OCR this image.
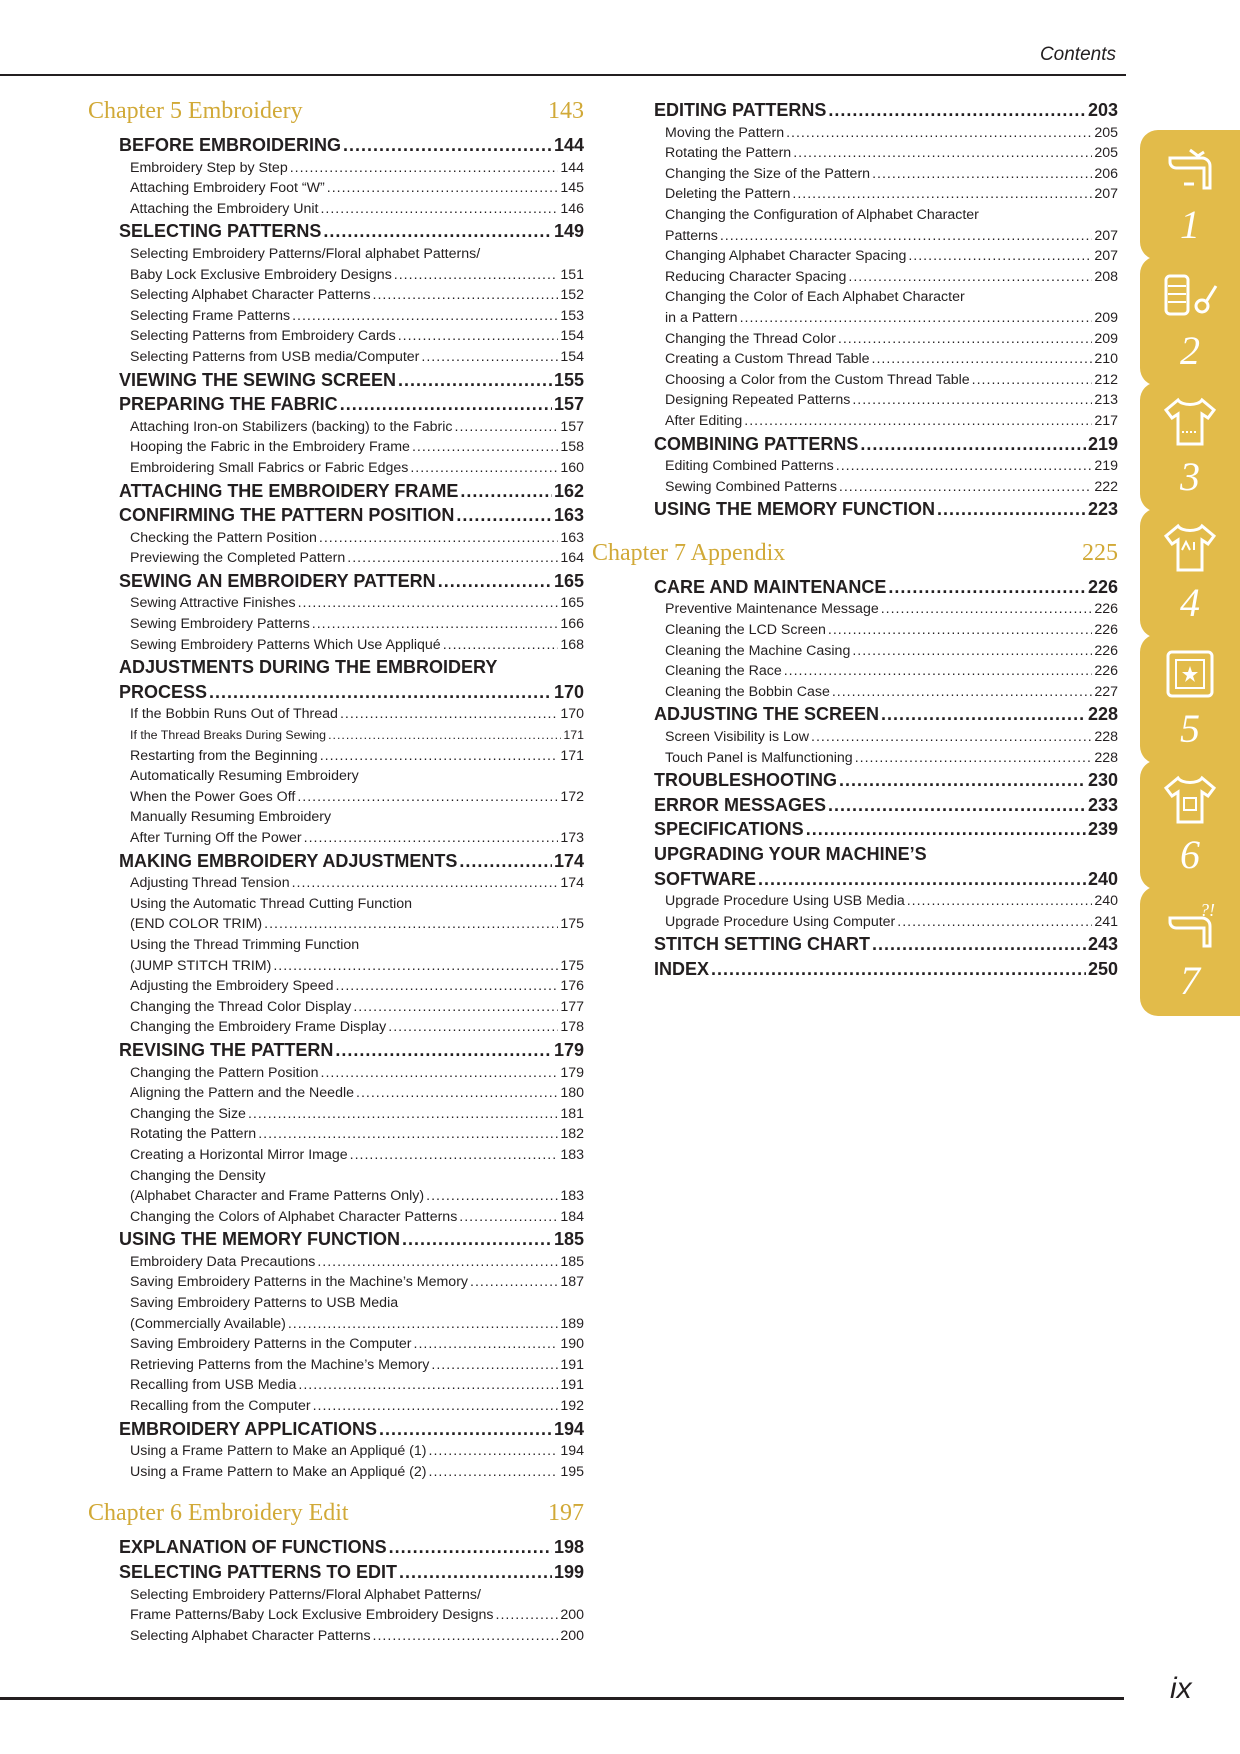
Contents
Chapter 5 Embroidery	143
BEFORE EMBROIDERING .....	144
Embroidery Step by Step .....	144
Attaching Embroidery Foot “W” .....	145
Attaching the Embroidery Unit .....	146
SELECTING PATTERNS .....	149
Selecting Embroidery Patterns/Floral alphabet Patterns/
Baby Lock Exclusive Embroidery Designs .....	151
Selecting Alphabet Character Patterns .....	152
Selecting Frame Patterns .....	153
Selecting Patterns from Embroidery Cards .....	154
Selecting Patterns from USB media/Computer .....	154
VIEWING THE SEWING SCREEN .....	155
PREPARING THE FABRIC .....	157
Attaching Iron-on Stabilizers (backing) to the Fabric .....	157
Hooping the Fabric in the Embroidery Frame .....	158
Embroidering Small Fabrics or Fabric Edges .....	160
ATTACHING THE EMBROIDERY FRAME .....	162
CONFIRMING THE PATTERN POSITION .....	163
Checking the Pattern Position .....	163
Previewing the Completed Pattern .....	164
SEWING AN EMBROIDERY PATTERN .....	165
Sewing Attractive Finishes .....	165
Sewing Embroidery Patterns .....	166
Sewing Embroidery Patterns Which Use Appliqué .....	168
ADJUSTMENTS DURING THE EMBROIDERY
PROCESS .....	170
If the Bobbin Runs Out of Thread .....	170
If the Thread Breaks During Sewing .....	171
Restarting from the Beginning .....	171
Automatically Resuming Embroidery
When the Power Goes Off .....	172
Manually Resuming Embroidery
After Turning Off the Power .....	173
MAKING EMBROIDERY ADJUSTMENTS .....	174
Adjusting Thread Tension .....	174
Using the Automatic Thread Cutting Function
(END COLOR TRIM) .....	175
Using the Thread Trimming Function
(JUMP STITCH TRIM) .....	175
Adjusting the Embroidery Speed .....	176
Changing the Thread Color Display .....	177
Changing the Embroidery Frame Display .....	178
REVISING THE PATTERN .....	179
Changing the Pattern Position .....	179
Aligning the Pattern and the Needle .....	180
Changing the Size .....	181
Rotating the Pattern .....	182
Creating a Horizontal Mirror Image .....	183
Changing the Density
(Alphabet Character and Frame Patterns Only) .....	183
Changing the Colors of Alphabet Character Patterns .....	184
USING THE MEMORY FUNCTION .....	185
Embroidery Data Precautions .....	185
Saving Embroidery Patterns in the Machine’s Memory .....	187
Saving Embroidery Patterns to USB Media
(Commercially Available) .....	189
Saving Embroidery Patterns in the Computer .....	190
Retrieving Patterns from the Machine’s Memory .....	191
Recalling from USB Media .....	191
Recalling from the Computer .....	192
EMBROIDERY APPLICATIONS .....	194
Using a Frame Pattern to Make an Appliqué (1) .....	194
Using a Frame Pattern to Make an Appliqué (2) .....	195
Chapter 6 Embroidery Edit	197
EXPLANATION OF FUNCTIONS .....	198
SELECTING PATTERNS TO EDIT .....	199
Selecting Embroidery Patterns/Floral Alphabet Patterns/
Frame Patterns/Baby Lock Exclusive Embroidery Designs .....	200
Selecting Alphabet Character Patterns .....	200
EDITING PATTERNS .....	203
Moving the Pattern .....	205
Rotating the Pattern .....	205
Changing the Size of the Pattern .....	206
Deleting the Pattern .....	207
Changing the Configuration of Alphabet Character
Patterns .....	207
Changing Alphabet Character Spacing .....	207
Reducing Character Spacing .....	208
Changing the Color of Each Alphabet Character
in a Pattern .....	209
Changing the Thread Color .....	209
Creating a Custom Thread Table .....	210
Choosing a Color from the Custom Thread Table .....	212
Designing Repeated Patterns .....	213
After Editing .....	217
COMBINING PATTERNS .....	219
Editing Combined Patterns .....	219
Sewing Combined Patterns .....	222
USING THE MEMORY FUNCTION .....	223
Chapter 7 Appendix	225
CARE AND MAINTENANCE .....	226
Preventive Maintenance Message .....	226
Cleaning the LCD Screen .....	226
Cleaning the Machine Casing .....	226
Cleaning the Race .....	226
Cleaning the Bobbin Case .....	227
ADJUSTING THE SCREEN .....	228
Screen Visibility is Low .....	228
Touch Panel is Malfunctioning .....	228
TROUBLESHOOTING .....	230
ERROR MESSAGES .....	233
SPECIFICATIONS .....	239
UPGRADING YOUR MACHINE’S
SOFTWARE .....	240
Upgrade Procedure Using USB Media .....	240
Upgrade Procedure Using Computer .....	241
STITCH SETTING CHART .....	243
INDEX .....	250
1
2
3
4
5
6
?!
7
ix
